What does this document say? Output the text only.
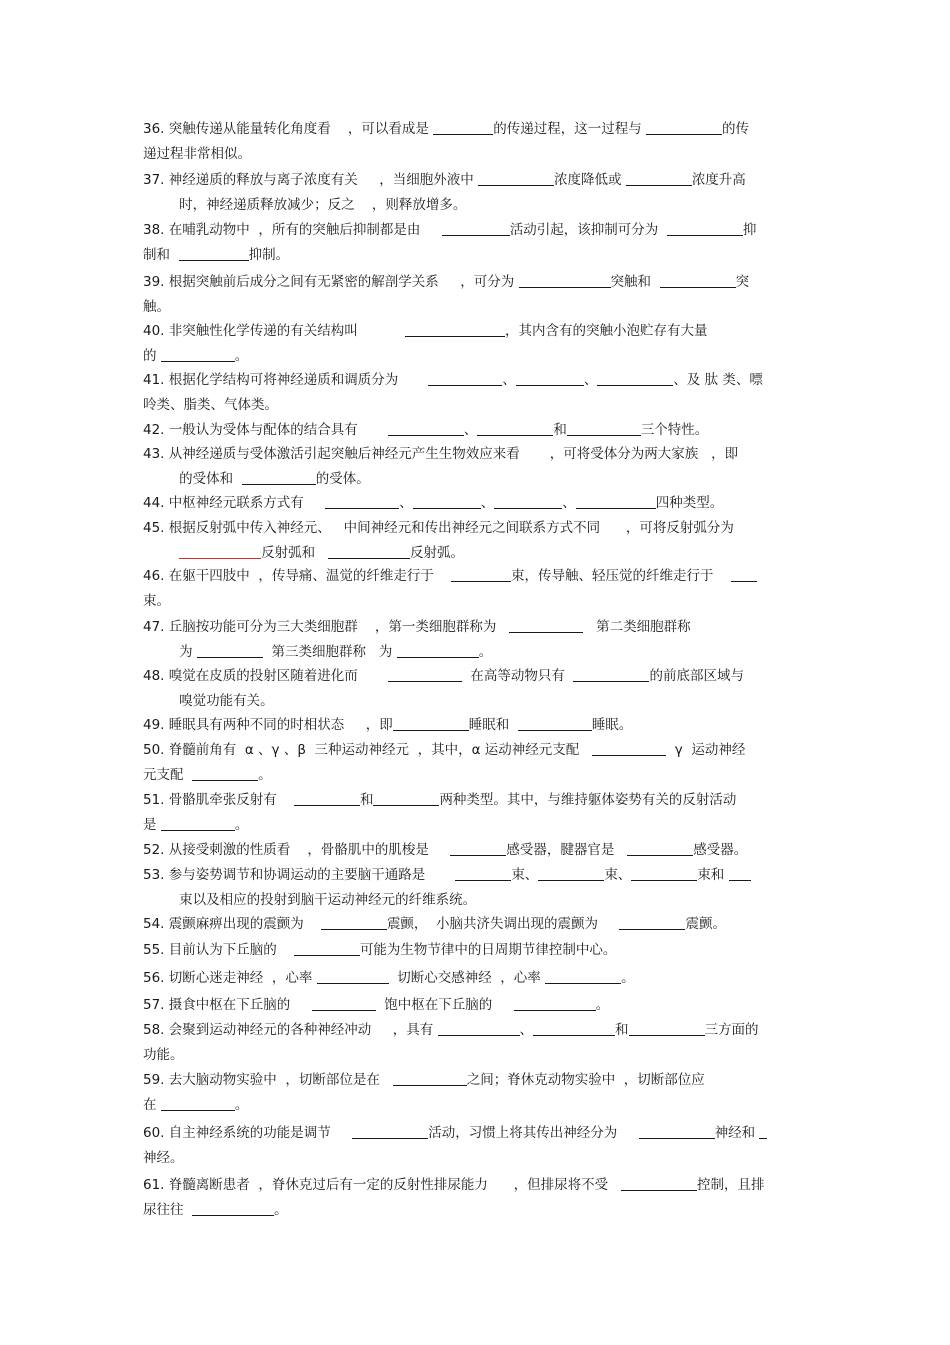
36. 突触传递从能量转化角度看    ，可以看成是	的传递过程，这一过程与	的传
递过程非常相似。
37. 神经递质的释放与离子浓度有关     ，当细胞外液中	浓度降低或	浓度升高
时，神经递质释放减少；反之    ，则释放增多。
38. 在哺乳动物中  ，所有的突触后抑制都是由	活动引起，该抑制可分为	抑
制和	抑制。
39. 根据突触前后成分之间有无紧密的解剖学关系     ，可分为	突触和	突
触。
40. 非突触性化学传递的有关结构叫	，其内含有的突触小泡贮存有大量
的	。
41. 根据化学结构可将神经递质和调质分为	、	、	、及 肽 类、嘌
呤类、脂类、气体类。
42. 一般认为受体与配体的结合具有	、	和	三个特性。
43. 从神经递质与受体激活引起突触后神经元产生生物效应来看       ，可将受体分为两大家族   ，即
的受体和	的受体。
44. 中枢神经元联系方式有	、	、	、	四种类型。
45. 根据反射弧中传入神经元、   中间神经元和传出神经元之间联系方式不同      ，可将反射弧分为
反射弧和	反射弧。
46. 在躯干四肢中  ，传导痛、温觉的纤维走行于	束，传导触、轻压觉的纤维走行于
束。
47. 丘脑按功能可分为三大类细胞群    ，第一类细胞群称为	第二类细胞群称
为	第三类细胞群称   为	。
48. 嗅觉在皮质的投射区随着进化而	在高等动物只有	的前底部区域与
嗅觉功能有关。
49. 睡眠具有两种不同的时相状态     ，即	睡眠和	睡眠。
50. 脊髓前角有  α 、γ 、β  三种运动神经元  ，其中，α 运动神经元支配	γ  运动神经
元支配	。
51. 骨骼肌牵张反射有	和	两种类型。其中，与维持躯体姿势有关的反射活动
是	。
52. 从接受刺激的性质看    ，骨骼肌中的肌梭是	感受器，腱器官是	感受器。
53. 参与姿势调节和协调运动的主要脑干通路是	束、	束、	束和
束以及相应的投射到脑干运动神经元的纤维系统。
54. 震颤麻痹出现的震颤为	震颤，  小脑共济失调出现的震颤为	震颤。
55. 目前认为下丘脑的	可能为生物节律中的日周期节律控制中心。
56. 切断心迷走神经  ，心率	切断心交感神经  ，心率	。
57. 摄食中枢在下丘脑的	饱中枢在下丘脑的	。
58. 会聚到运动神经元的各种神经冲动     ，具有	、	和	三方面的
功能。
59. 去大脑动物实验中  ，切断部位是在	之间；脊休克动物实验中  ，切断部位应
在	。
60. 自主神经系统的功能是调节	活动，习惯上将其传出神经分为	神经和
神经。
61. 脊髓离断患者  ，脊休克过后有一定的反射性排尿能力      ，但排尿将不受	控制，且排
尿往往	。
